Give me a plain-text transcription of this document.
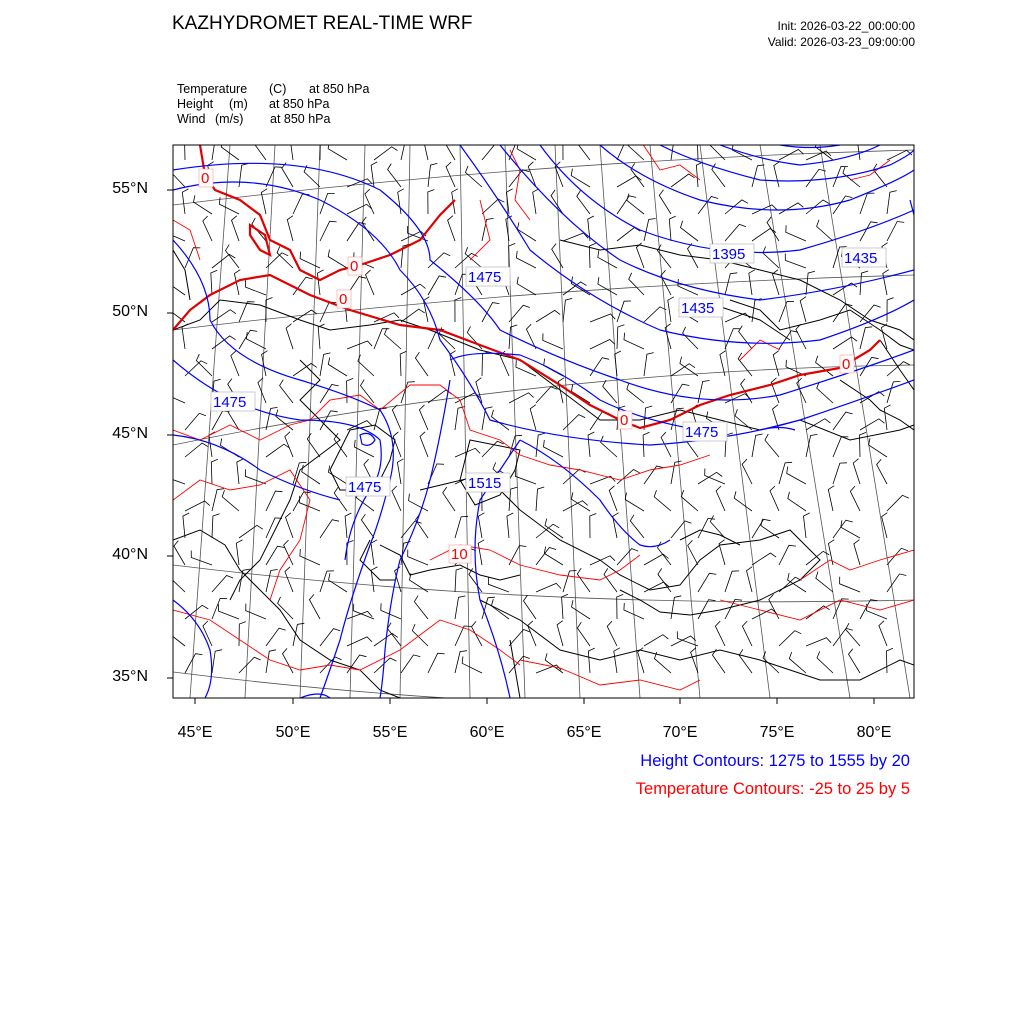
1475
1395	1435
1435
1475
1475
1475	1515
0
0
0
0
0
10
KAZHYDROMET REAL-TIME WRF	Init: 2026-03-22_00:00:00
Valid: 2026-03-23_09:00:00
Temperature (C) at 850 hPa
Height (m) at 850 hPa
Wind (m/s) at 850 hPa
55°N
50°N
45°N
40°N
35°N
45°E	50°E	55°E	60°E	65°E	70°E	75°E	80°E
Height Contours: 1275 to 1555 by 20
Temperature Contours: -25 to 25 by 5
